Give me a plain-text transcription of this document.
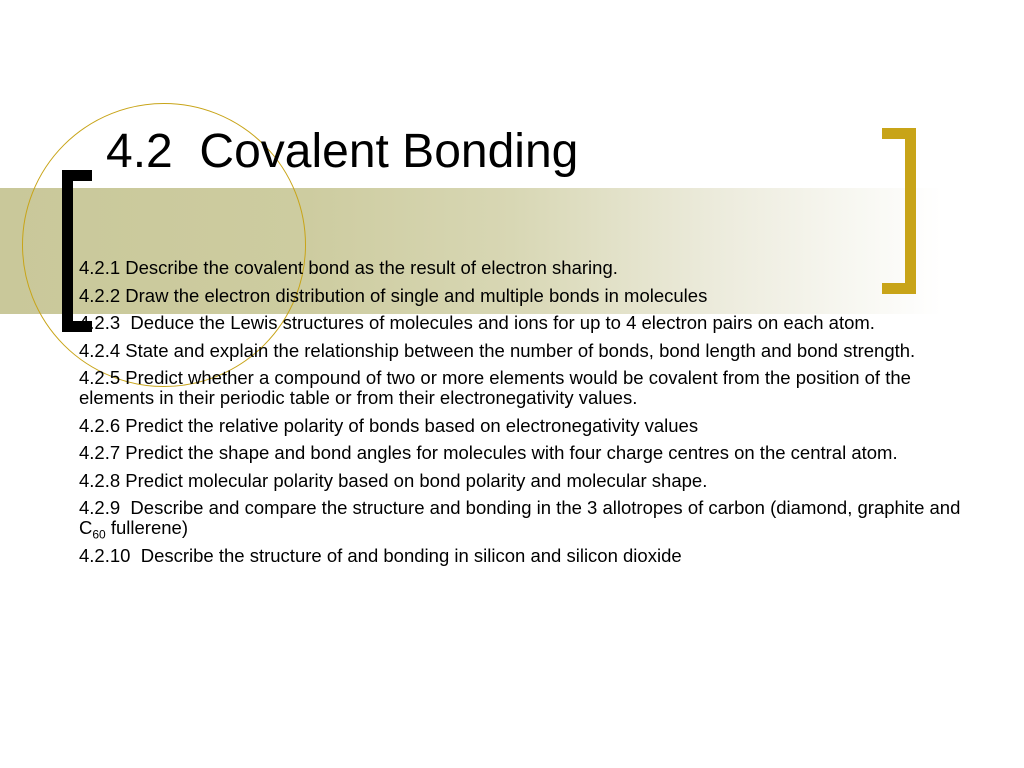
4.2  Covalent Bonding
4.2.1 Describe the covalent bond as the result of electron sharing.
4.2.2 Draw the electron distribution of single and multiple bonds in molecules
4.2.3  Deduce the Lewis structures of molecules and ions for up to 4 electron pairs on each atom.
4.2.4 State and explain the relationship between the number of bonds, bond length and bond strength.
4.2.5 Predict whether a compound of two or more elements would be covalent from the position of the elements in their periodic table or from their electronegativity values.
4.2.6 Predict the relative polarity of bonds based on electronegativity values
4.2.7 Predict the shape and bond angles for molecules with four charge centres on the central atom.
4.2.8 Predict molecular polarity based on bond polarity and molecular shape.
4.2.9  Describe and compare the structure and bonding in the 3 allotropes of carbon (diamond, graphite and $C_{60}$ fullerene)
4.2.10  Describe the structure of and bonding in silicon and silicon dioxide
